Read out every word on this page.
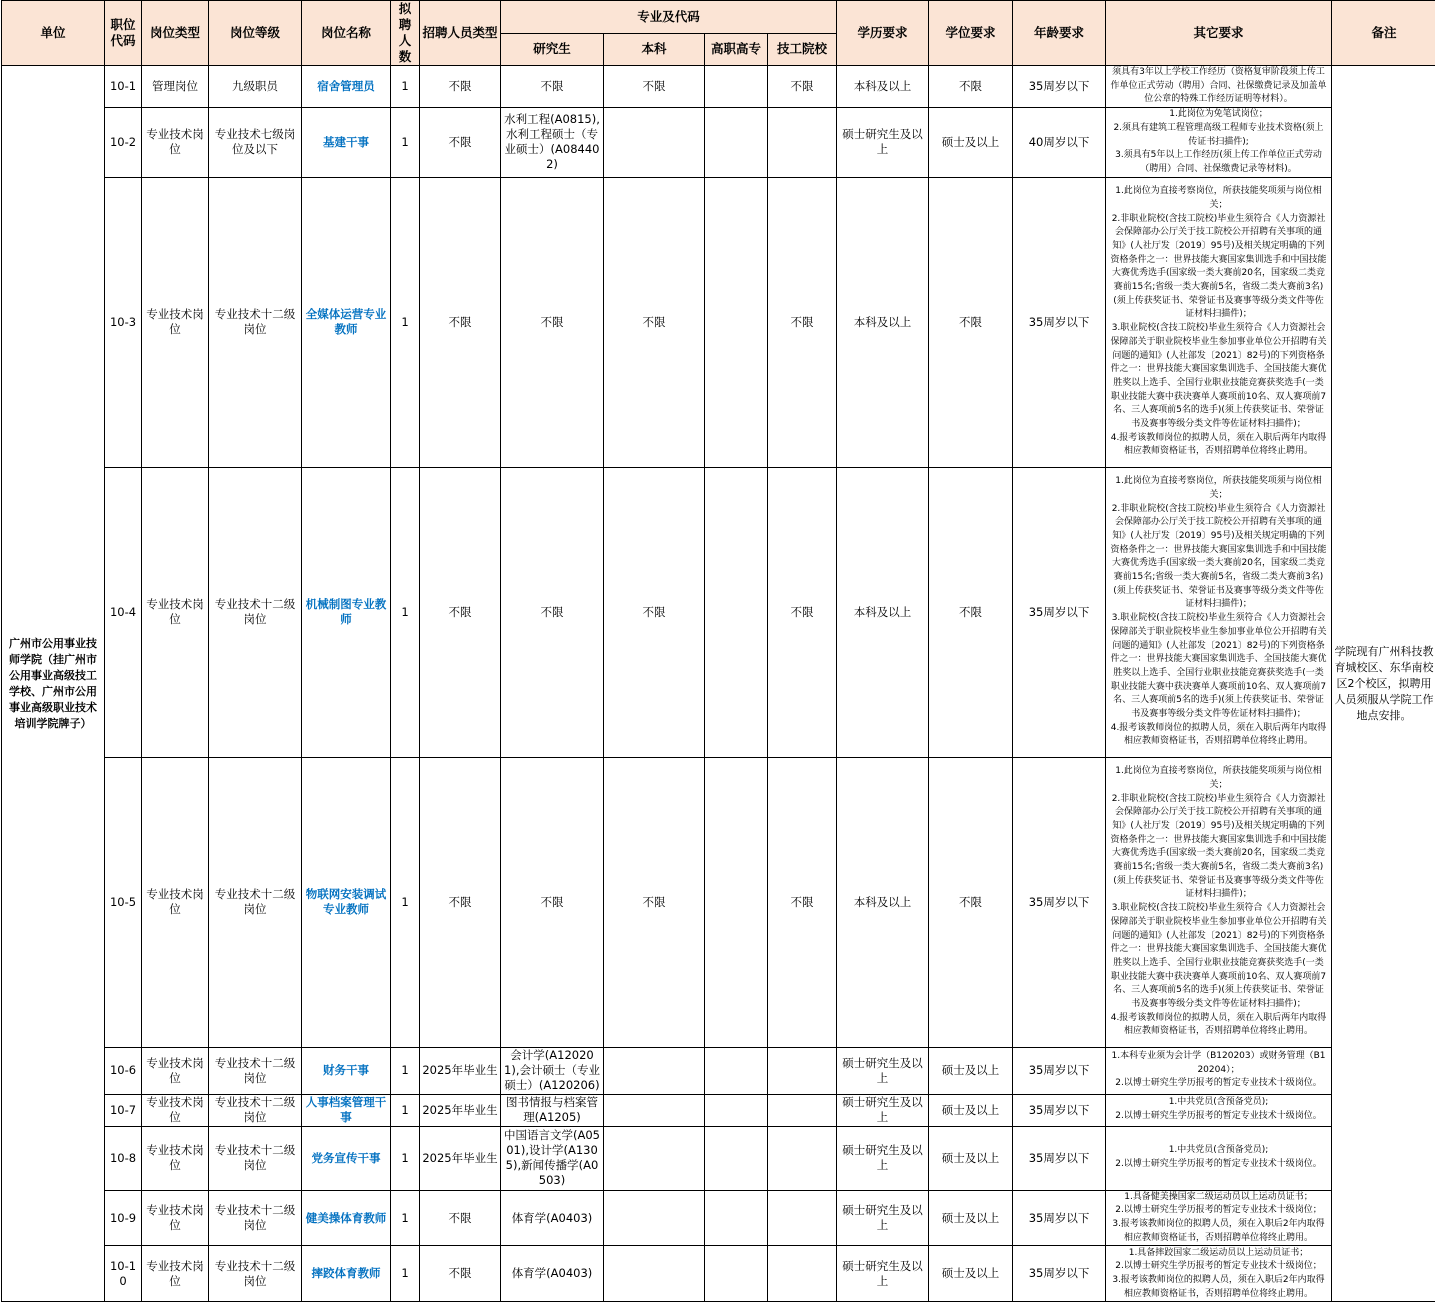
单位	职位代码	岗位类型	岗位等级	岗位名称	拟聘人数	招聘人员类型	专业及代码				学历要求	学位要求	年龄要求	其它要求	备注
							研究生	本科	高职高专	技工院校					
广州市公用事业技师学院（挂广州市公用事业高级技工学校、广州市公用事业高级职业技术培训学院牌子）	10-1	管理岗位	九级职员	宿舍管理员	1	不限	不限	不限		不限	本科及以上	不限	35周岁以下	须具有3年以上学校工作经历（资格复审阶段须上传工作单位正式劳动（聘用）合同、社保缴费记录及加盖单位公章的特殊工作经历证明等材料）。	学院现有广州科技教育城校区、东华南校区2个校区，拟聘用人员须服从学院工作地点安排。
	10-2	专业技术岗位	专业技术七级岗位及以下	基建干事	1	不限	水利工程(A0815),水利工程硕士（专业硕士）(A084402)				硕士研究生及以上	硕士及以上	40周岁以下	1.此岗位为免笔试岗位；
2.须具有建筑工程管理高级工程师专业技术资格(须上传证书扫描件);
3.须具有5年以上工作经历(须上传工作单位正式劳动（聘用）合同、社保缴费记录等材料)。	

	10-3	专业技术岗位	专业技术十二级岗位	全媒体运营专业教师	1	不限	不限	不限		不限	本科及以上	不限	35周岁以下	1.此岗位为直接考察岗位，所获技能奖项须与岗位相关；
2.非职业院校(含技工院校)毕业生须符合《人力资源社会保障部办公厅关于技工院校公开招聘有关事项的通知》(人社厅发〔2019〕95号)及相关规定明确的下列资格条件之一：世界技能大赛国家集训选手和中国技能大赛优秀选手(国家级一类大赛前20名，国家级二类竞赛前15名;省级一类大赛前5名，省级二类大赛前3名)(须上传获奖证书、荣誉证书及赛事等级分类文件等佐证材料扫描件)；
3.职业院校(含技工院校)毕业生须符合《人力资源社会保障部关于职业院校毕业生参加事业单位公开招聘有关问题的通知》(人社部发〔2021〕82号)的下列资格条件之一：世界技能大赛国家集训选手、全国技能大赛优胜奖以上选手、全国行业职业技能竞赛获奖选手(一类职业技能大赛中获决赛单人赛项前10名、双人赛项前7名、三人赛项前5名的选手)(须上传获奖证书、荣誉证书及赛事等级分类文件等佐证材料扫描件)；
4.报考该教师岗位的拟聘人员，须在入职后两年内取得相应教师资格证书，否则招聘单位将终止聘用。	

	10-4	专业技术岗位	专业技术十二级岗位	机械制图专业教师	1	不限	不限	不限		不限	本科及以上	不限	35周岁以下	1.此岗位为直接考察岗位，所获技能奖项须与岗位相关；
2.非职业院校(含技工院校)毕业生须符合《人力资源社会保障部办公厅关于技工院校公开招聘有关事项的通知》(人社厅发〔2019〕95号)及相关规定明确的下列资格条件之一：世界技能大赛国家集训选手和中国技能大赛优秀选手(国家级一类大赛前20名，国家级二类竞赛前15名;省级一类大赛前5名，省级二类大赛前3名)(须上传获奖证书、荣誉证书及赛事等级分类文件等佐证材料扫描件)；
3.职业院校(含技工院校)毕业生须符合《人力资源社会保障部关于职业院校毕业生参加事业单位公开招聘有关问题的通知》(人社部发〔2021〕82号)的下列资格条件之一：世界技能大赛国家集训选手、全国技能大赛优胜奖以上选手、全国行业职业技能竞赛获奖选手(一类职业技能大赛中获决赛单人赛项前10名、双人赛项前7名、三人赛项前5名的选手)(须上传获奖证书、荣誉证书及赛事等级分类文件等佐证材料扫描件)；
4.报考该教师岗位的拟聘人员，须在入职后两年内取得相应教师资格证书，否则招聘单位将终止聘用。	

	10-5	专业技术岗位	专业技术十二级岗位	物联网安装调试专业教师	1	不限	不限	不限		不限	本科及以上	不限	35周岁以下	1.此岗位为直接考察岗位，所获技能奖项须与岗位相关；
2.非职业院校(含技工院校)毕业生须符合《人力资源社会保障部办公厅关于技工院校公开招聘有关事项的通知》(人社厅发〔2019〕95号)及相关规定明确的下列资格条件之一：世界技能大赛国家集训选手和中国技能大赛优秀选手(国家级一类大赛前20名，国家级二类竞赛前15名;省级一类大赛前5名，省级二类大赛前3名)(须上传获奖证书、荣誉证书及赛事等级分类文件等佐证材料扫描件)；
3.职业院校(含技工院校)毕业生须符合《人力资源社会保障部关于职业院校毕业生参加事业单位公开招聘有关问题的通知》(人社部发〔2021〕82号)的下列资格条件之一：世界技能大赛国家集训选手、全国技能大赛优胜奖以上选手、全国行业职业技能竞赛获奖选手(一类职业技能大赛中获决赛单人赛项前10名、双人赛项前7名、三人赛项前5名的选手)(须上传获奖证书、荣誉证书及赛事等级分类文件等佐证材料扫描件)；
4.报考该教师岗位的拟聘人员，须在入职后两年内取得相应教师资格证书，否则招聘单位将终止聘用。	

	10-6	专业技术岗位	专业技术十二级岗位	财务干事	1	2025年毕业生	会计学(A120201),会计硕士（专业硕士）(A120206)				硕士研究生及以上	硕士及以上	35周岁以下	1.本科专业须为会计学（B120203）或财务管理（B120204）；
2.以博士研究生学历报考的暂定专业技术十级岗位。	

	10-7	专业技术岗位	专业技术十二级岗位	人事档案管理干事	1	2025年毕业生	图书情报与档案管理(A1205)				硕士研究生及以上	硕士及以上	35周岁以下	1.中共党员(含预备党员);
2.以博士研究生学历报考的暂定专业技术十级岗位。	

	10-8	专业技术岗位	专业技术十二级岗位	党务宣传干事	1	2025年毕业生	中国语言文学(A0501),设计学(A1305),新闻传播学(A0503)				硕士研究生及以上	硕士及以上	35周岁以下	1.中共党员(含预备党员);
2.以博士研究生学历报考的暂定专业技术十级岗位。	

	10-9	专业技术岗位	专业技术十二级岗位	健美操体育教师	1	不限	体育学(A0403)				硕士研究生及以上	硕士及以上	35周岁以下	1.具备健美操国家二级运动员以上运动员证书；
2.以博士研究生学历报考的暂定专业技术十级岗位；
3.报考该教师岗位的拟聘人员，须在入职后2年内取得相应教师资格证书，否则招聘单位将终止聘用。	

	10-10	专业技术岗位	专业技术十二级岗位	摔跤体育教师	1	不限	体育学(A0403)				硕士研究生及以上	硕士及以上	35周岁以下	1.具备摔跤国家二级运动员以上运动员证书；
2.以博士研究生学历报考的暂定专业技术十级岗位；
3.报考该教师岗位的拟聘人员，须在入职后2年内取得相应教师资格证书，否则招聘单位将终止聘用。	
